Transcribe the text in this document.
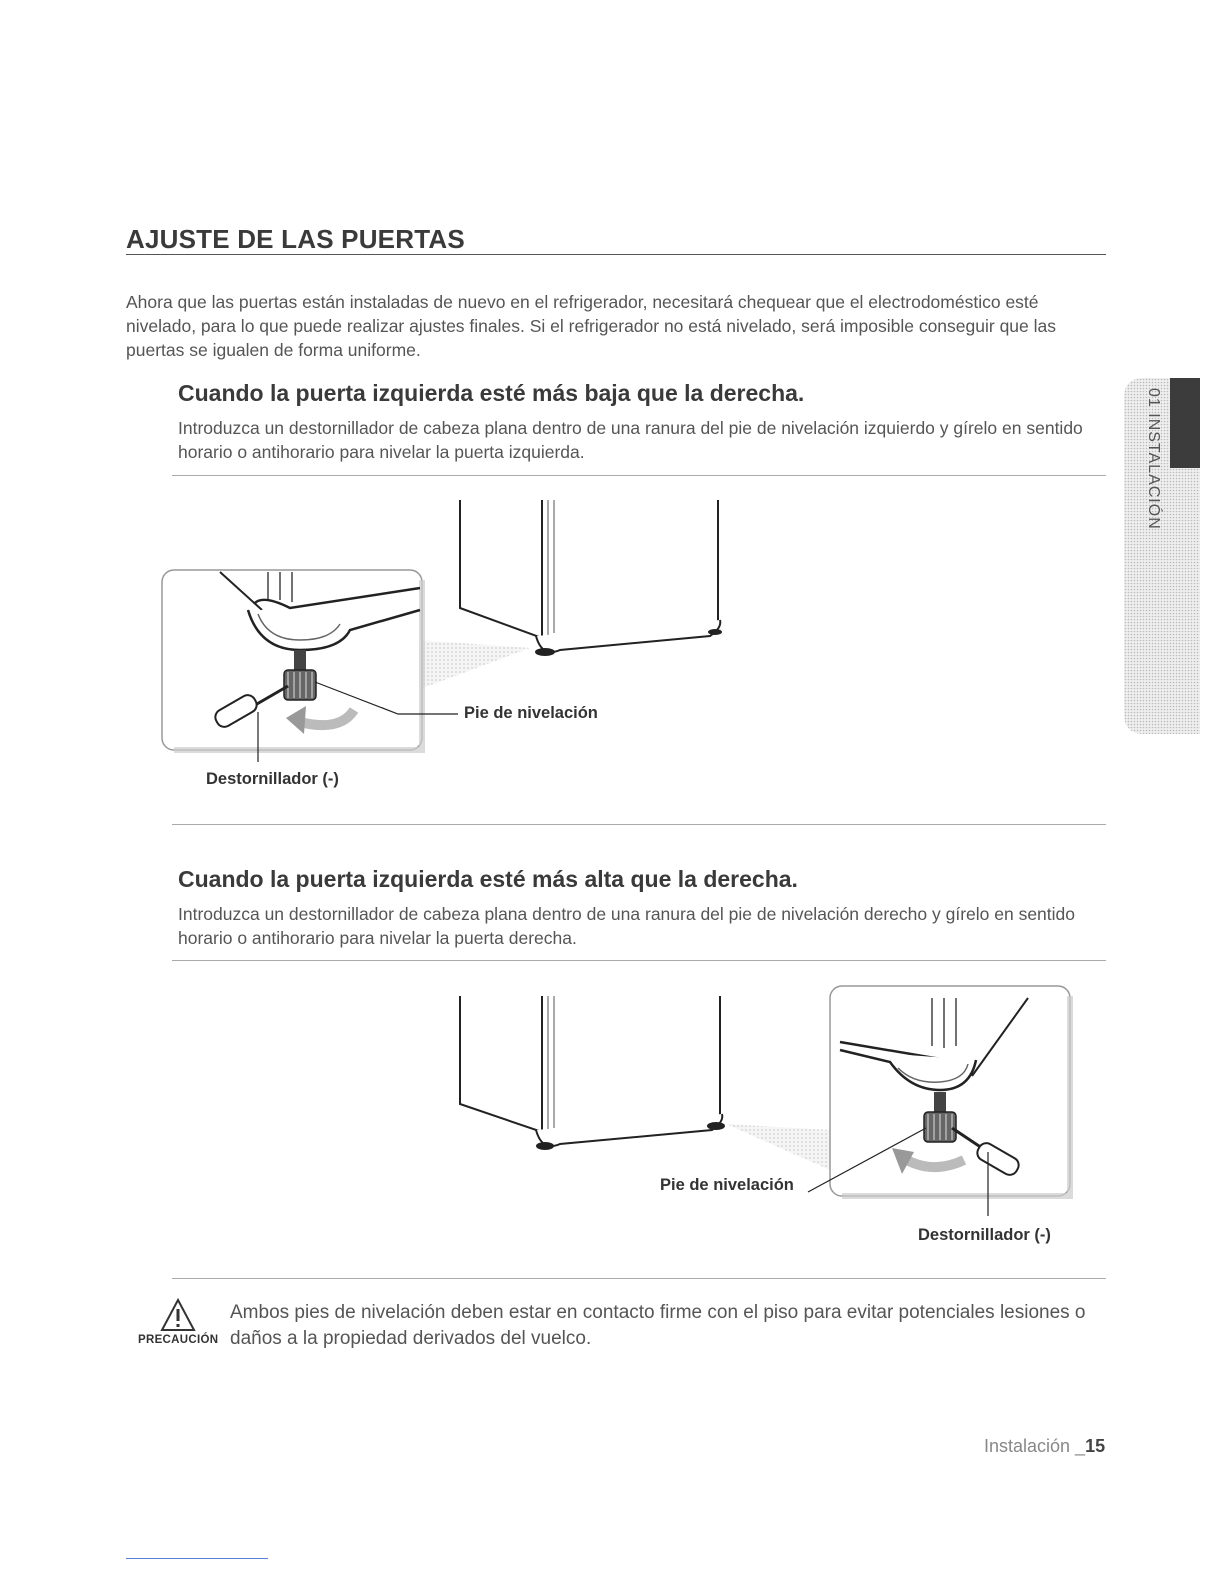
AJUSTE DE LAS PUERTAS
Ahora que las puertas están instaladas de nuevo en el refrigerador, necesitará chequear que el electrodoméstico esté nivelado, para lo que puede realizar ajustes finales. Si el refrigerador no está nivelado, será imposible conseguir que las puertas se igualen de forma uniforme.
01 INSTALACIÓN
Cuando la puerta izquierda esté más baja que la derecha.
Introduzca un destornillador de cabeza plana dentro de una ranura del pie de nivelación izquierdo y gírelo en sentido horario o antihorario para nivelar la puerta izquierda.
Pie de nivelación
Destornillador (-)
Cuando la puerta izquierda esté más alta que la derecha.
Introduzca un destornillador de cabeza plana dentro de una ranura del pie de nivelación derecho y gírelo en sentido horario o antihorario para nivelar la puerta derecha.
Pie de nivelación
Destornillador (-)
PRECAUCIÓN
Ambos pies de nivelación deben estar en contacto firme con el piso para evitar potenciales lesiones o daños a la propiedad derivados del vuelco.
Instalación _15
